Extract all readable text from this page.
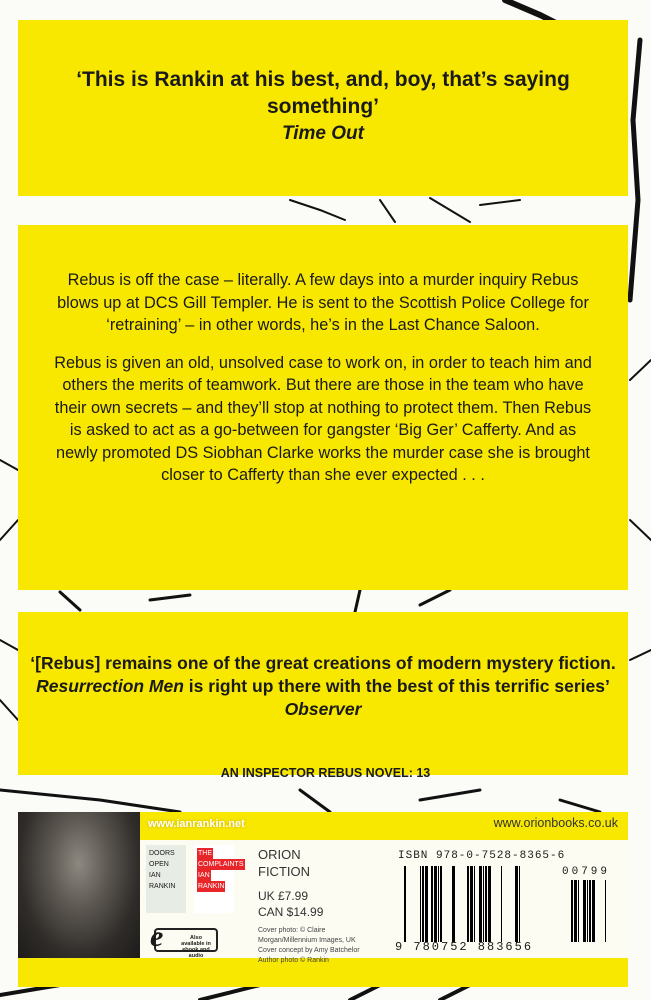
‘This is Rankin at his best, and, boy, that’s saying something’
Time Out

Rebus is off the case – literally. A few days into a murder inquiry Rebus blows up at DCS Gill Templer. He is sent to the Scottish Police College for ‘retraining’ – in other words, he’s in the Last Chance Saloon.

Rebus is given an old, unsolved case to work on, in order to teach him and others the merits of teamwork. But there are those in the team who have their own secrets – and they’ll stop at nothing to protect them. Then Rebus is asked to act as a go-between for gangster ‘Big Ger’ Cafferty. And as newly promoted DS Siobhan Clarke works the murder case she is brought closer to Cafferty than she ever expected . . .

‘[Rebus] remains one of the great creations of modern mystery fiction. Resurrection Men is right up there with the best of this terrific series’ Observer
AN INSPECTOR REBUS NOVEL: 13
www.ianrankin.net	www.orionbooks.co.uk
DOORS
OPEN
IAN
RANKIN
THE
COMPLAINTS
IAN
RANKIN
ORION
FICTION
UK £7.99
CAN $14.99
Cover photo: © Claire Morgan/Millennium Images, UK
Cover concept by Amy Batchelor
Author photo © Rankin
e	Also available in ebook and audio
ISBN 978-0-7528-8365-6
00799
9 780752 883656
